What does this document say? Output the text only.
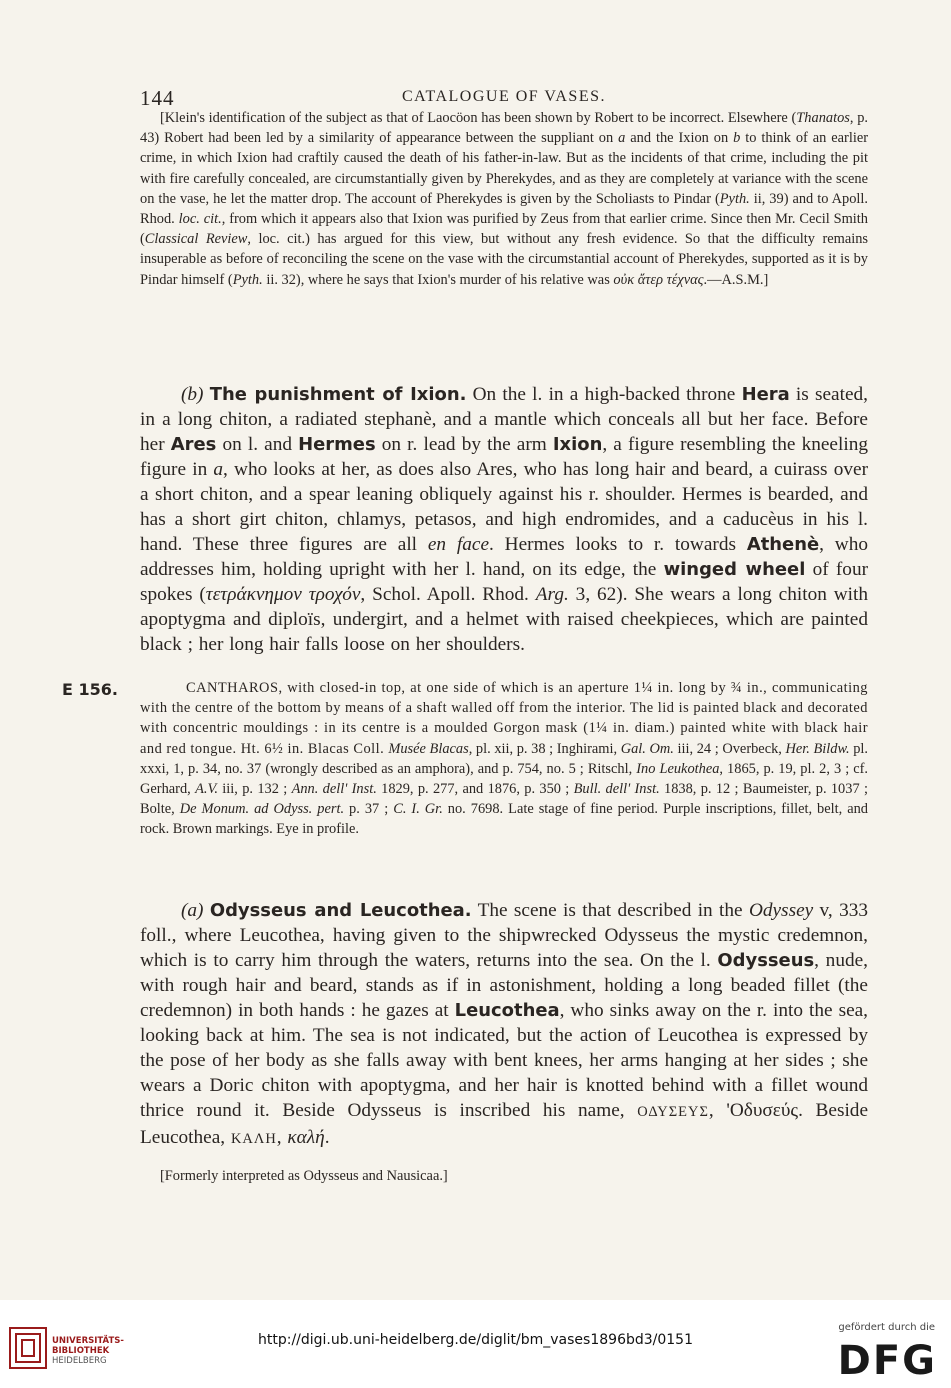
144	CATALOGUE OF VASES.

[Klein's identification of the subject as that of Laocöon has been shown by Robert to be incorrect. Elsewhere (Thanatos, p. 43) Robert had been led by a similarity of appearance between the suppliant on a and the Ixion on b to think of an earlier crime, in which Ixion had craftily caused the death of his father-in-law. But as the incidents of that crime, including the pit with fire carefully concealed, are circumstantially given by Pherekydes, and as they are completely at variance with the scene on the vase, he let the matter drop. The account of Pherekydes is given by the Scholiasts to Pindar (Pyth. ii, 39) and to Apoll. Rhod. loc. cit., from which it appears also that Ixion was purified by Zeus from that earlier crime. Since then Mr. Cecil Smith (Classical Review, loc. cit.) has argued for this view, but without any fresh evidence. So that the difficulty remains insuperable as before of reconciling the scene on the vase with the circumstantial account of Pherekydes, supported as it is by Pindar himself (Pyth. ii. 32), where he says that Ixion's murder of his relative was οὐκ ἄτερ τέχνας.—A.S.M.]

(b) The punishment of Ixion. On the l. in a high-backed throne Hera is seated, in a long chiton, a radiated stephanè, and a mantle which conceals all but her face. Before her Ares on l. and Hermes on r. lead by the arm Ixion, a figure resembling the kneeling figure in a, who looks at her, as does also Ares, who has long hair and beard, a cuirass over a short chiton, and a spear leaning obliquely against his r. shoulder. Hermes is bearded, and has a short girt chiton, chlamys, petasos, and high endromides, and a caducèus in his l. hand. These three figures are all en face. Hermes looks to r. towards Athenè, who addresses him, holding upright with her l. hand, on its edge, the winged wheel of four spokes (τετράκνημον τροχόν, Schol. Apoll. Rhod. Arg. 3, 62). She wears a long chiton with apoptygma and diploïs, undergirt, and a helmet with raised cheekpieces, which are painted black ; her long hair falls loose on her shoulders.

E 156.	CANTHAROS, with closed-in top, at one side of which is an aperture 1¼ in. long by ¾ in., communicating with the centre of the bottom by means of a shaft walled off from the interior. The lid is painted black and decorated with concentric mouldings : in its centre is a moulded Gorgon mask (1¼ in. diam.) painted white with black hair and red tongue. Ht. 6½ in. Blacas Coll. Musée Blacas, pl. xii, p. 38 ; Inghirami, Gal. Om. iii, 24 ; Overbeck, Her. Bildw. pl. xxxi, 1, p. 34, no. 37 (wrongly described as an amphora), and p. 754, no. 5 ; Ritschl, Ino Leukothea, 1865, p. 19, pl. 2, 3 ; cf. Gerhard, A.V. iii, p. 132 ; Ann. dell' Inst. 1829, p. 277, and 1876, p. 350 ; Bull. dell' Inst. 1838, p. 12 ; Baumeister, p. 1037 ; Bolte, De Monum. ad Odyss. pert. p. 37 ; C. I. Gr. no. 7698. Late stage of fine period. Purple inscriptions, fillet, belt, and rock. Brown markings. Eye in profile.

(a) Odysseus and Leucothea. The scene is that described in the Odyssey v, 333 foll., where Leucothea, having given to the shipwrecked Odysseus the mystic credemnon, which is to carry him through the waters, returns into the sea. On the l. Odysseus, nude, with rough hair and beard, stands as if in astonishment, holding a long beaded fillet (the credemnon) in both hands : he gazes at Leucothea, who sinks away on the r. into the sea, looking back at him. The sea is not indicated, but the action of Leucothea is expressed by the pose of her body as she falls away with bent knees, her arms hanging at her sides ; she wears a Doric chiton with apoptygma, and her hair is knotted behind with a fillet wound thrice round it. Beside Odysseus is inscribed his name, ΟΔΥΣΕΥΣ, 'Οδυσεύς. Beside Leucothea, ΚΑΛΗ, καλή.

[Formerly interpreted as Odysseus and Nausicaa.]

UNIVERSITÄTS-
BIBLIOTHEK
HEIDELBERG
http://digi.ub.uni-heidelberg.de/diglit/bm_vases1896bd3/0151
gefördert durch die
DFG
